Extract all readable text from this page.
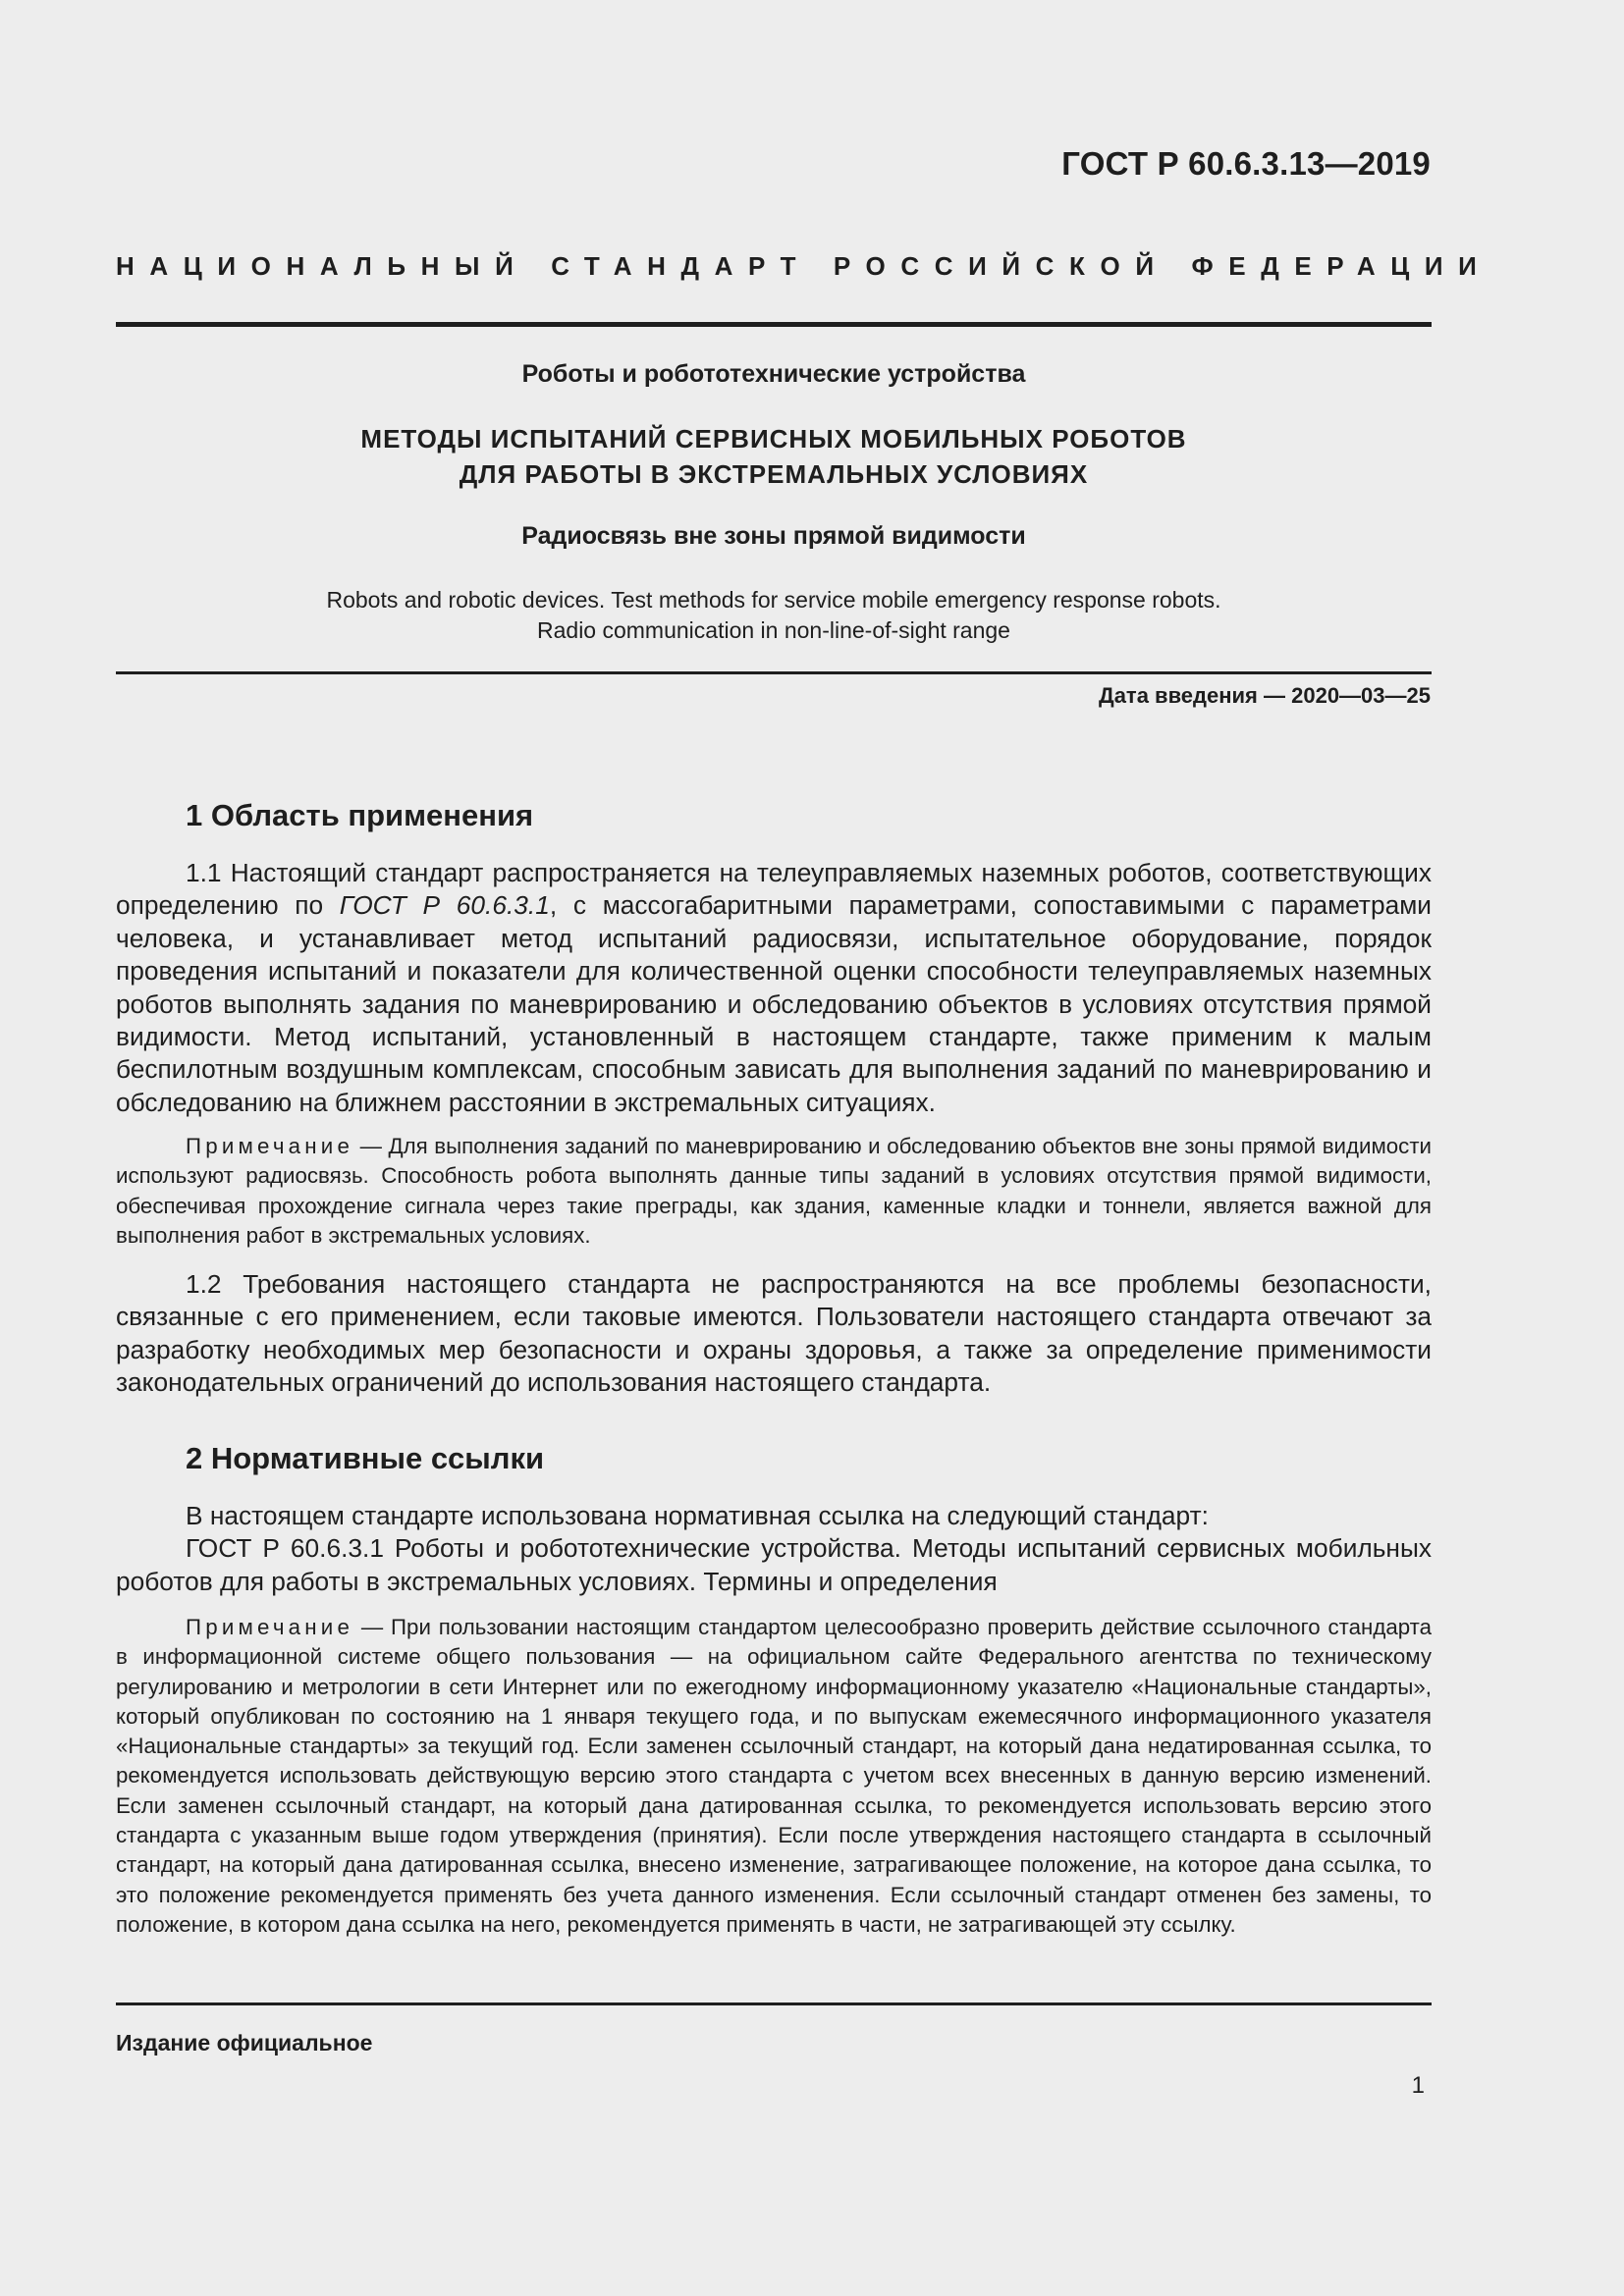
ГОСТ Р 60.6.3.13—2019
НАЦИОНАЛЬНЫЙ СТАНДАРТ РОССИЙСКОЙ ФЕДЕРАЦИИ
Роботы и робототехнические устройства
МЕТОДЫ ИСПЫТАНИЙ СЕРВИСНЫХ МОБИЛЬНЫХ РОБОТОВ
ДЛЯ РАБОТЫ В ЭКСТРЕМАЛЬНЫХ УСЛОВИЯХ
Радиосвязь вне зоны прямой видимости
Robots and robotic devices. Test methods for service mobile emergency response robots.
Radio communication in non-line-of-sight range
Дата введения — 2020—03—25
1 Область применения

1.1 Настоящий стандарт распространяется на телеуправляемых наземных роботов, соответствующих определению по ГОСТ Р 60.6.3.1, с массогабаритными параметрами, сопоставимыми с параметрами человека, и устанавливает метод испытаний радиосвязи, испытательное оборудование, порядок проведения испытаний и показатели для количественной оценки способности телеуправляемых наземных роботов выполнять задания по маневрированию и обследованию объектов в условиях отсутствия прямой видимости. Метод испытаний, установленный в настоящем стандарте, также применим к малым беспилотным воздушным комплексам, способным зависать для выполнения заданий по маневрированию и обследованию на ближнем расстоянии в экстремальных ситуациях.

Примечание — Для выполнения заданий по маневрированию и обследованию объектов вне зоны прямой видимости используют радиосвязь. Способность робота выполнять данные типы заданий в условиях отсутствия прямой видимости, обеспечивая прохождение сигнала через такие преграды, как здания, каменные кладки и тоннели, является важной для выполнения работ в экстремальных условиях.

1.2 Требования настоящего стандарта не распространяются на все проблемы безопасности, связанные с его применением, если таковые имеются. Пользователи настоящего стандарта отвечают за разработку необходимых мер безопасности и охраны здоровья, а также за определение применимости законодательных ограничений до использования настоящего стандарта.

2 Нормативные ссылки

В настоящем стандарте использована нормативная ссылка на следующий стандарт:

ГОСТ Р 60.6.3.1 Роботы и робототехнические устройства. Методы испытаний сервисных мобильных роботов для работы в экстремальных условиях. Термины и определения

Примечание — При пользовании настоящим стандартом целесообразно проверить действие ссылочного стандарта в информационной системе общего пользования — на официальном сайте Федерального агентства по техническому регулированию и метрологии в сети Интернет или по ежегодному информационному указателю «Национальные стандарты», который опубликован по состоянию на 1 января текущего года, и по выпускам ежемесячного информационного указателя «Национальные стандарты» за текущий год. Если заменен ссылочный стандарт, на который дана недатированная ссылка, то рекомендуется использовать действующую версию этого стандарта с учетом всех внесенных в данную версию изменений. Если заменен ссылочный стандарт, на который дана датированная ссылка, то рекомендуется использовать версию этого стандарта с указанным выше годом утверждения (принятия). Если после утверждения настоящего стандарта в ссылочный стандарт, на который дана датированная ссылка, внесено изменение, затрагивающее положение, на которое дана ссылка, то это положение рекомендуется применять без учета данного изменения. Если ссылочный стандарт отменен без замены, то положение, в котором дана ссылка на него, рекомендуется применять в части, не затрагивающей эту ссылку.

Издание официальное
1
